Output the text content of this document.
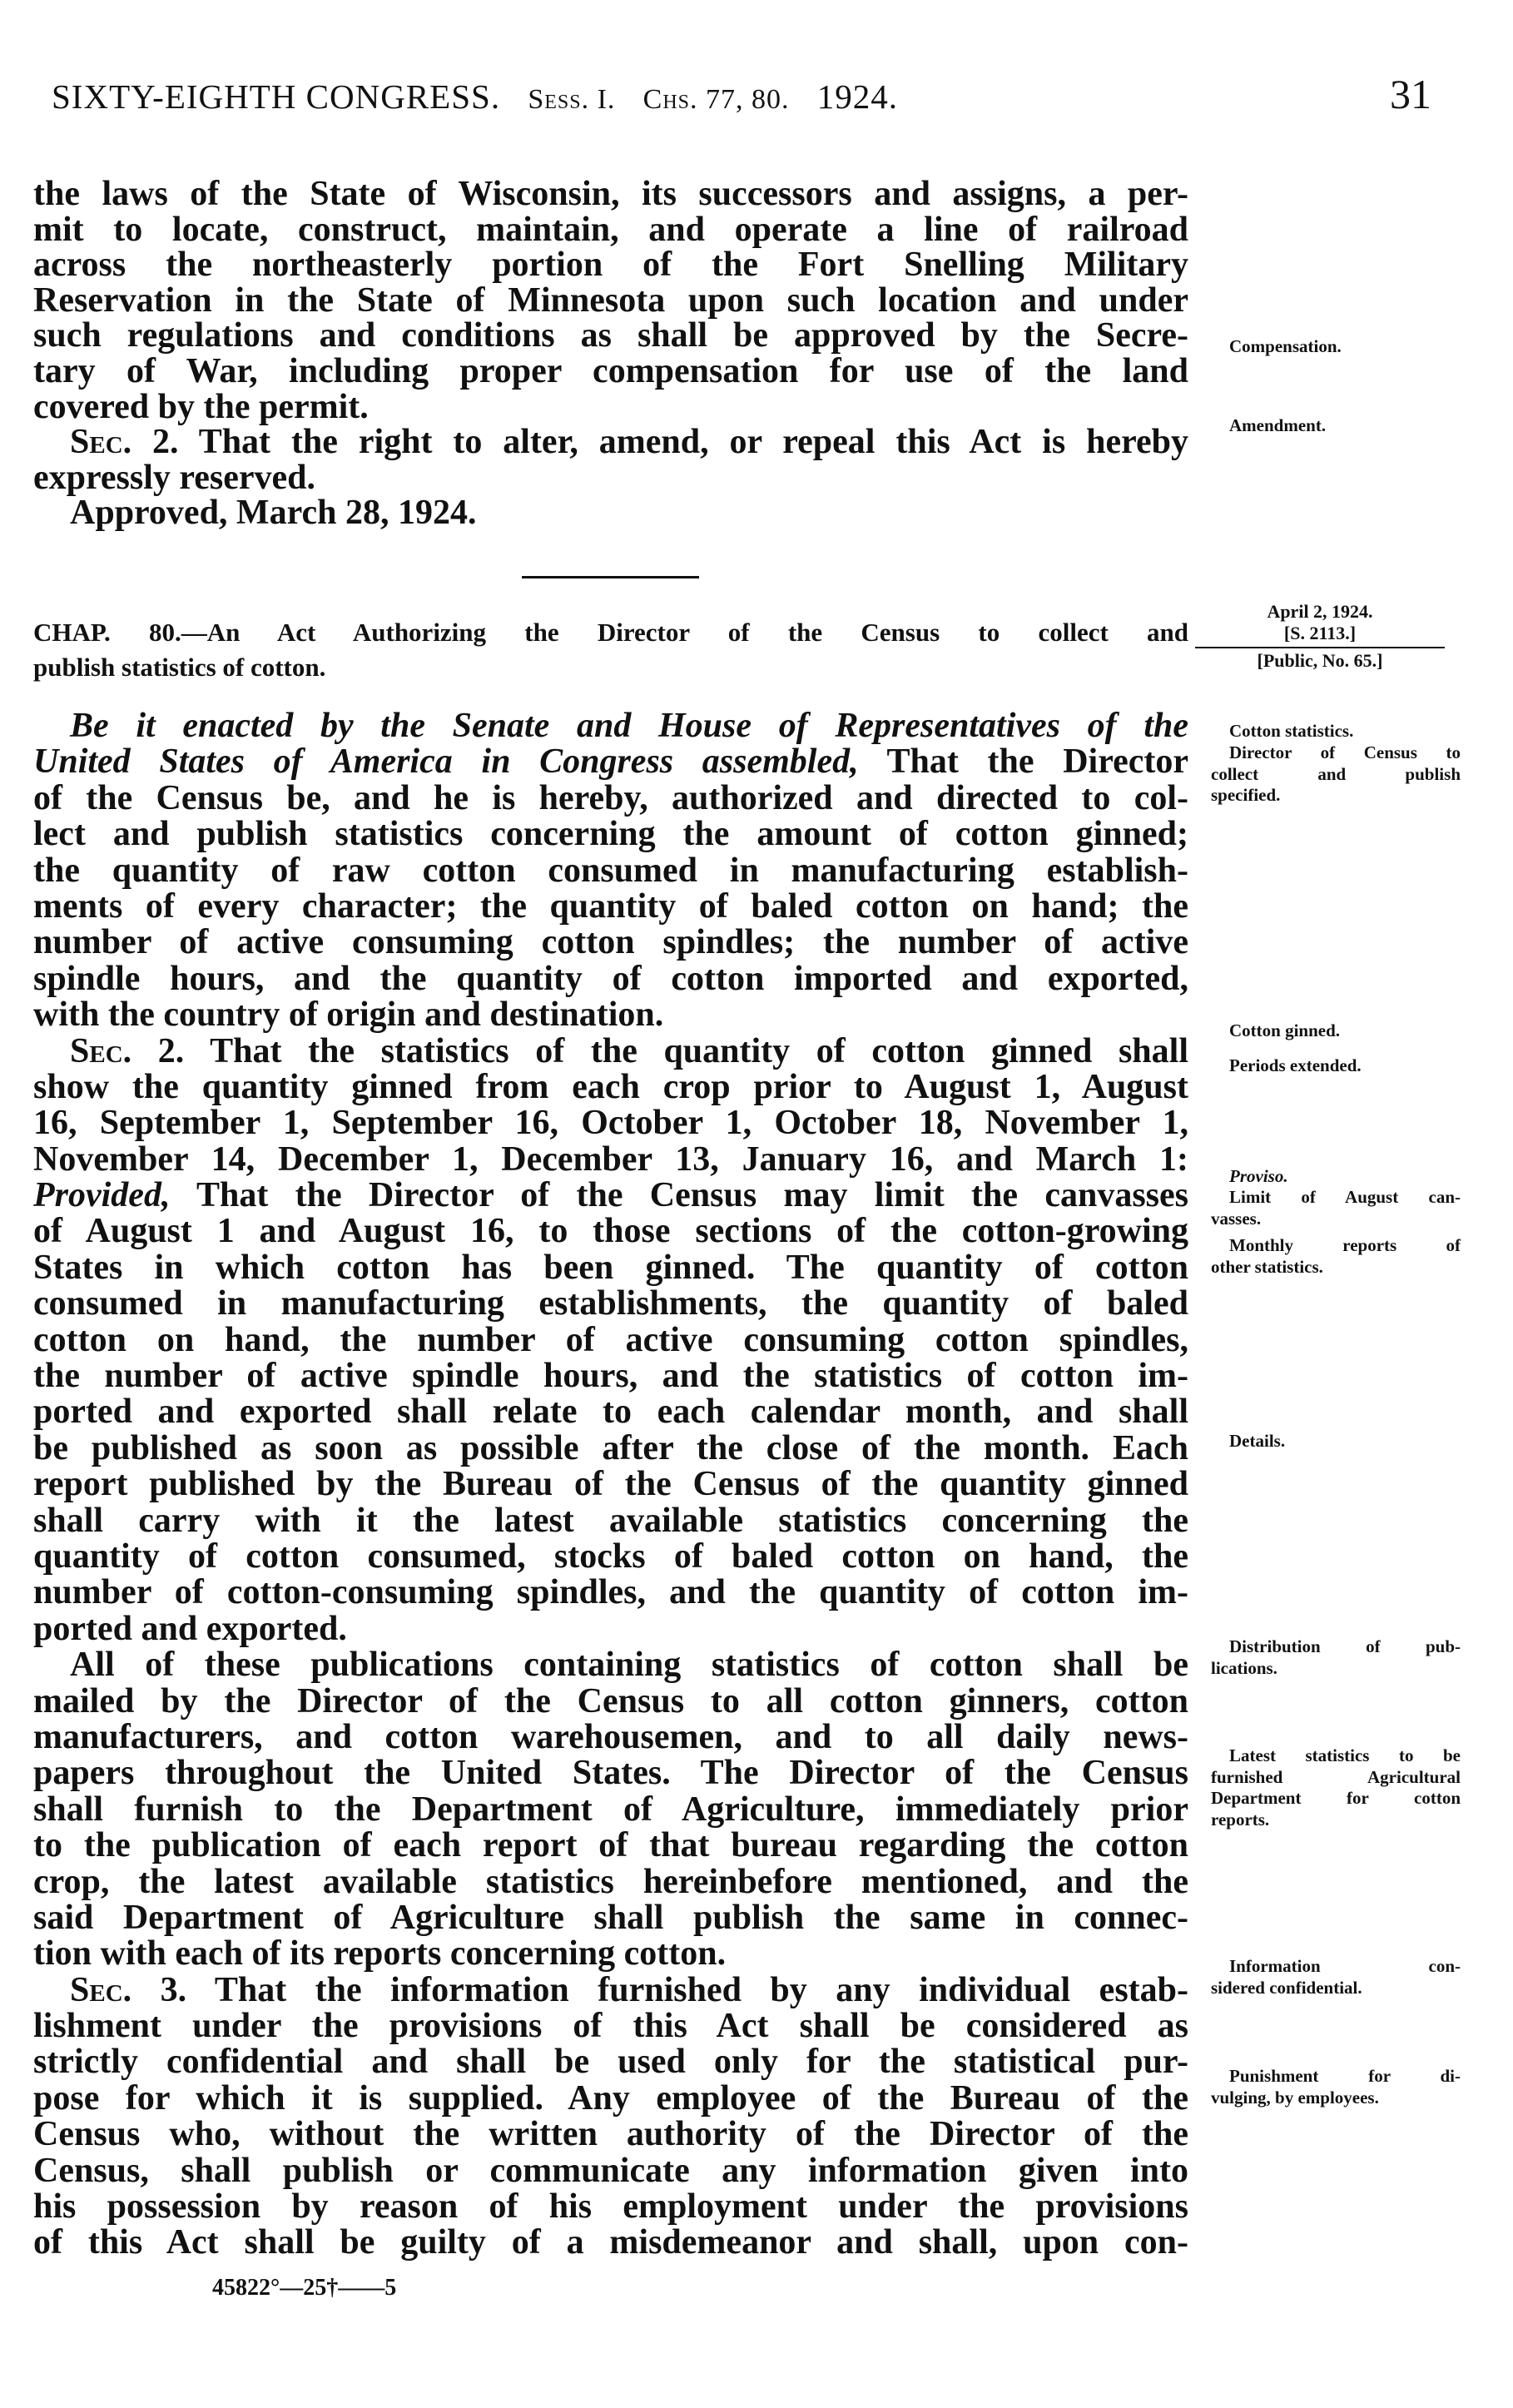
SIXTY-EIGHTH CONGRESS. Sess. I. Chs. 77, 80. 1924.	31
the laws of the State of Wisconsin, its successors and assigns, a per-
mit to locate, construct, maintain, and operate a line of railroad
across the northeasterly portion of the Fort Snelling Military
Reservation in the State of Minnesota upon such location and under
such regulations and conditions as shall be approved by the Secre-
tary of War, including proper compensation for use of the land
covered by the permit.
Sec. 2. That the right to alter, amend, or repeal this Act is hereby
expressly reserved.
Approved, March 28, 1924.
CHAP. 80.—An Act Authorizing the Director of the Census to collect and
publish statistics of cotton.
Be it enacted by the Senate and House of Representatives of the
United States of America in Congress assembled, That the Director
of the Census be, and he is hereby, authorized and directed to col-
lect and publish statistics concerning the amount of cotton ginned;
the quantity of raw cotton consumed in manufacturing establish-
ments of every character; the quantity of baled cotton on hand; the
number of active consuming cotton spindles; the number of active
spindle hours, and the quantity of cotton imported and exported,
with the country of origin and destination.
Sec. 2. That the statistics of the quantity of cotton ginned shall
show the quantity ginned from each crop prior to August 1, August
16, September 1, September 16, October 1, October 18, November 1,
November 14, December 1, December 13, January 16, and March 1:
Provided, That the Director of the Census may limit the canvasses
of August 1 and August 16, to those sections of the cotton-growing
States in which cotton has been ginned. The quantity of cotton
consumed in manufacturing establishments, the quantity of baled
cotton on hand, the number of active consuming cotton spindles,
the number of active spindle hours, and the statistics of cotton im-
ported and exported shall relate to each calendar month, and shall
be published as soon as possible after the close of the month. Each
report published by the Bureau of the Census of the quantity ginned
shall carry with it the latest available statistics concerning the
quantity of cotton consumed, stocks of baled cotton on hand, the
number of cotton-consuming spindles, and the quantity of cotton im-
ported and exported.
All of these publications containing statistics of cotton shall be
mailed by the Director of the Census to all cotton ginners, cotton
manufacturers, and cotton warehousemen, and to all daily news-
papers throughout the United States. The Director of the Census
shall furnish to the Department of Agriculture, immediately prior
to the publication of each report of that bureau regarding the cotton
crop, the latest available statistics hereinbefore mentioned, and the
said Department of Agriculture shall publish the same in connec-
tion with each of its reports concerning cotton.
Sec. 3. That the information furnished by any individual estab-
lishment under the provisions of this Act shall be considered as
strictly confidential and shall be used only for the statistical pur-
pose for which it is supplied. Any employee of the Bureau of the
Census who, without the written authority of the Director of the
Census, shall publish or communicate any information given into
his possession by reason of his employment under the provisions
of this Act shall be guilty of a misdemeanor and shall, upon con-
April 2, 1924.
[S. 2113.]
[Public, No. 65.]
Compensation.
Amendment.
Cotton statistics.
Director of Census to
collect and publish
specified.
Cotton ginned.
Periods extended.
Proviso.
Limit of August can-
vasses.
Monthly reports of
other statistics.
Details.
Distribution of pub-
lications.
Latest statistics to be
furnished Agricultural
Department for cotton
reports.
Information con-
sidered confidential.
Punishment for di-
vulging, by employees.
45822°—25†——5
